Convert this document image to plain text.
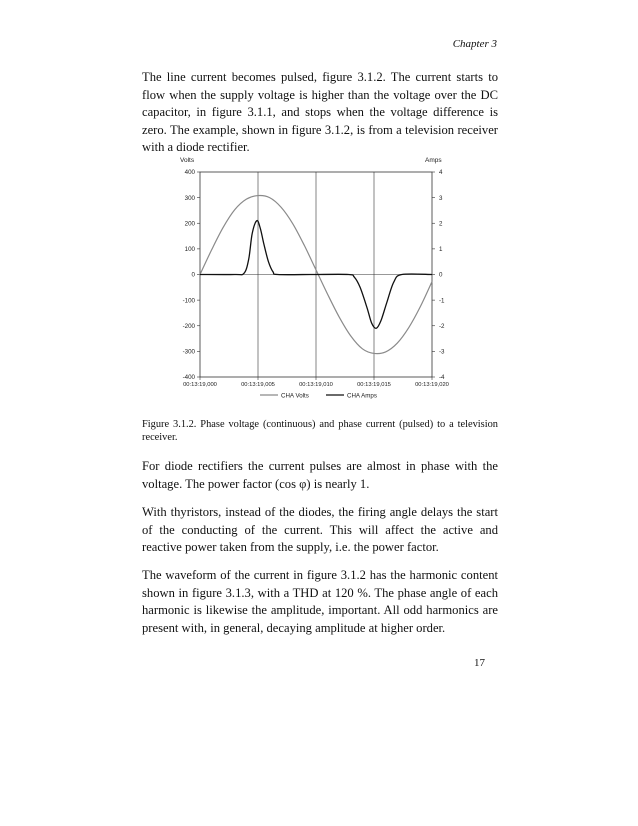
Chapter 3

The line current becomes pulsed, figure 3.1.2. The current starts to flow when the supply voltage is higher than the voltage over the DC capacitor, in figure 3.1.1, and stops when the voltage difference is zero. The example, shown in figure 3.1.2, is from a television receiver with a diode rectifier.

Volts	Amps
400
300
200
100
0
-100
-200
-300
-400
4
3
2
1
0
-1
-2
-3
-4
00:13:19,000	00:13:19,005	00:13:19,010	00:13:19,015	00:13:19,020
CHA Volts	CHA Amps

Figure 3.1.2. Phase voltage (continuous) and phase current (pulsed) to a television receiver.

For diode rectifiers the current pulses are almost in phase with the voltage. The power factor (cos φ) is nearly 1.

With thyristors, instead of the diodes, the firing angle delays the start of the conducting of the current. This will affect the active and reactive power taken from the supply, i.e. the power factor.

The waveform of the current in figure 3.1.2 has the harmonic content shown in figure 3.1.3, with a THD at 120 %. The phase angle of each harmonic is likewise the amplitude, important. All odd harmonics are present with, in general, decaying amplitude at higher order.

17
